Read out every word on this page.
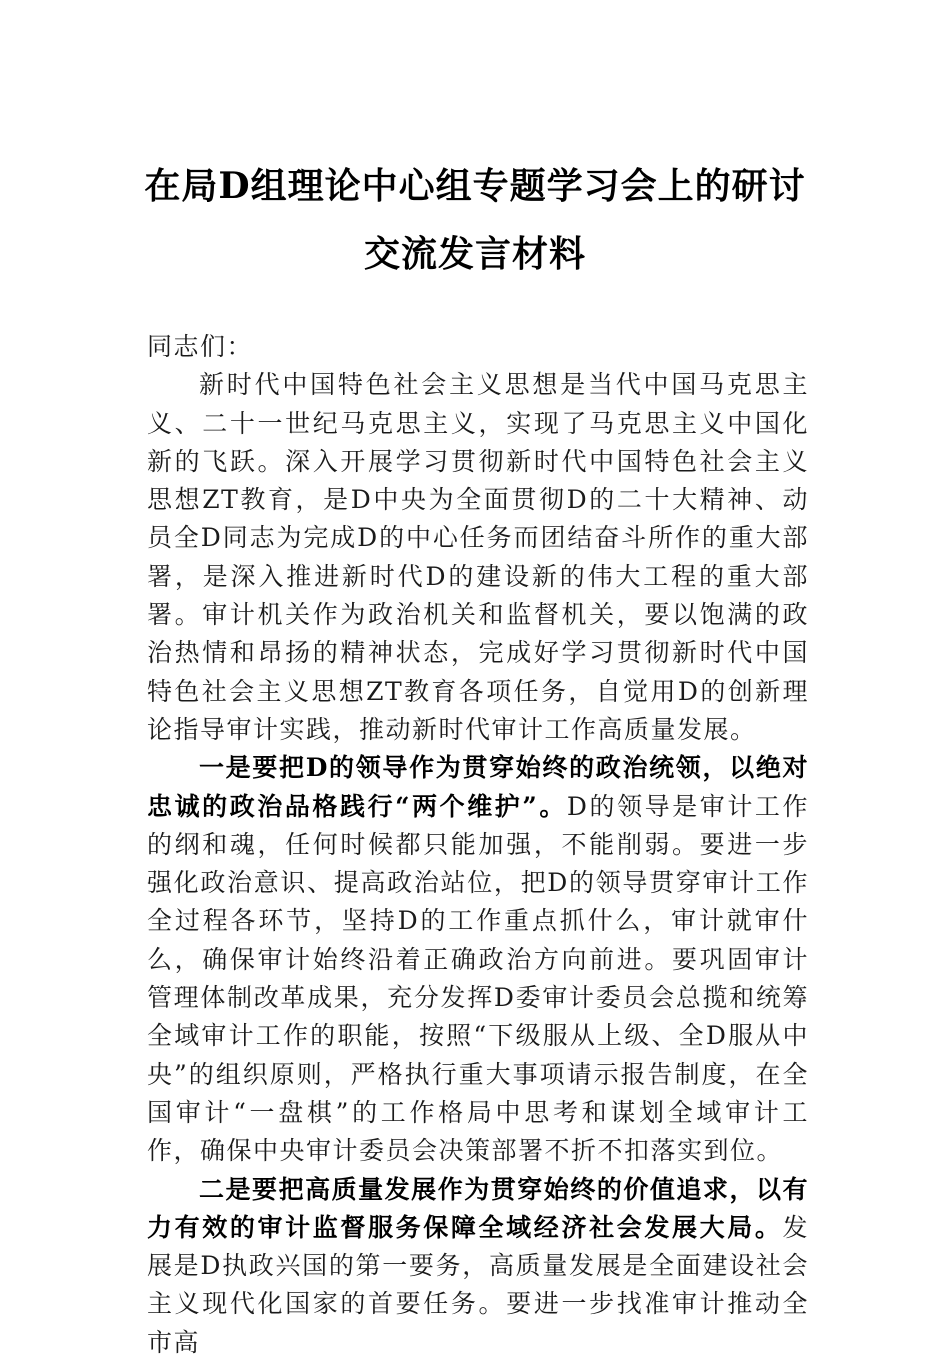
在局D组理论中心组专题学习会上的研讨
交流发言材料

同志们：

新时代中国特色社会主义思想是当代中国马克思主义、二十一世纪马克思主义，实现了马克思主义中国化新的飞跃。深入开展学习贯彻新时代中国特色社会主义思想ZT教育，是D中央为全面贯彻D的二十大精神、动员全D同志为完成D的中心任务而团结奋斗所作的重大部署，是深入推进新时代D的建设新的伟大工程的重大部署。审计机关作为政治机关和监督机关，要以饱满的政治热情和昂扬的精神状态，完成好学习贯彻新时代中国特色社会主义思想ZT教育各项任务，自觉用D的创新理论指导审计实践，推动新时代审计工作高质量发展。

一是要把D的领导作为贯穿始终的政治统领，以绝对忠诚的政治品格践行“两个维护”。D的领导是审计工作的纲和魂，任何时候都只能加强，不能削弱。要进一步强化政治意识、提高政治站位，把D的领导贯穿审计工作全过程各环节，坚持D的工作重点抓什么，审计就审什么，确保审计始终沿着正确政治方向前进。要巩固审计管理体制改革成果，充分发挥D委审计委员会总揽和统筹全域审计工作的职能，按照“下级服从上级、全D服从中央”的组织原则，严格执行重大事项请示报告制度，在全国审计“一盘棋”的工作格局中思考和谋划全域审计工作，确保中央审计委员会决策部署不折不扣落实到位。

二是要把高质量发展作为贯穿始终的价值追求，以有力有效的审计监督服务保障全域经济社会发展大局。发展是D执政兴国的第一要务，高质量发展是全面建设社会主义现代化国家的首要任务。要进一步找准审计推动全市高
